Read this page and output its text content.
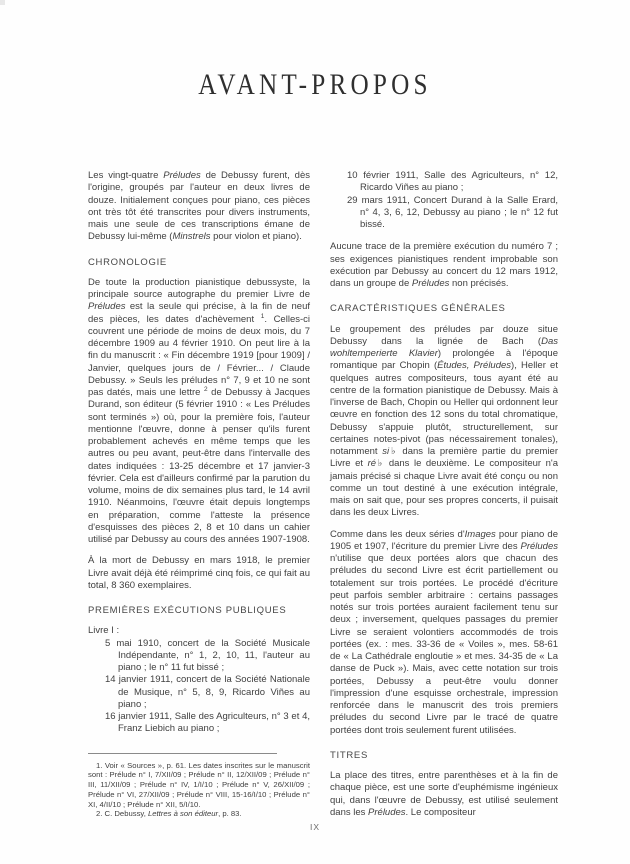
AVANT-PROPOS

Les vingt-quatre Préludes de Debussy furent, dès l'origine, groupés par l'auteur en deux livres de douze. Initialement conçues pour piano, ces pièces ont très tôt été transcrites pour divers instruments, mais une seule de ces transcriptions émane de Debussy lui-même (Minstrels pour violon et piano).

CHRONOLOGIE

De toute la production pianistique debussyste, la principale source autographe du premier Livre de Préludes est la seule qui précise, à la fin de neuf des pièces, les dates d'achèvement $^1$. Celles-ci couvrent une période de moins de deux mois, du 7 décembre 1909 au 4 février 1910. On peut lire à la fin du manuscrit : « Fin décembre 1919 [pour 1909] / Janvier, quelques jours de / Février... / Claude Debussy. » Seuls les préludes n° 7, 9 et 10 ne sont pas datés, mais une lettre $^2$ de Debussy à Jacques Durand, son éditeur (5 février 1910 : « Les Préludes sont terminés ») où, pour la première fois, l'auteur mentionne l'œuvre, donne à penser qu'ils furent probablement achevés en même temps que les autres ou peu avant, peut-être dans l'intervalle des dates indiquées : 13-25 décembre et 17 janvier-3 février. Cela est d'ailleurs confirmé par la parution du volume, moins de dix semaines plus tard, le 14 avril 1910. Néanmoins, l'œuvre était depuis longtemps en préparation, comme l'atteste la présence d'esquisses des pièces 2, 8 et 10 dans un cahier utilisé par Debussy au cours des années 1907-1908.

À la mort de Debussy en mars 1918, le premier Livre avait déjà été réimprimé cinq fois, ce qui fait au total, 8 360 exemplaires.

PREMIÈRES EXÉCUTIONS PUBLIQUES

Livre I :

5 mai 1910, concert de la Société Musicale Indépendante, n° 1, 2, 10, 11, l'auteur au piano ; le n° 11 fut bissé ;
14 janvier 1911, concert de la Société Nationale de Musique, n° 5, 8, 9, Ricardo Viñes au piano ;
16 janvier 1911, Salle des Agriculteurs, n° 3 et 4, Franz Liebich au piano ;

1. Voir « Sources », p. 61. Les dates inscrites sur le manuscrit sont : Prélude n° I, 7/XII/09 ; Prélude n° II, 12/XII/09 ; Prélude n° III, 11/XII/09 ; Prélude n° IV, 1/I/10 ; Prélude n° V, 26/XII/09 ; Prélude n° VI, 27/XII/09 ; Prélude n° VIII, 15-16/I/10 ; Prélude n° XI, 4/II/10 ; Prélude n° XII, 5/I/10.

2. C. Debussy, Lettres à son éditeur, p. 83.

10 février 1911, Salle des Agriculteurs, n° 12, Ricardo Viñes au piano ;
29 mars 1911, Concert Durand à la Salle Erard, n° 4, 3, 6, 12, Debussy au piano ; le n° 12 fut bissé.

Aucune trace de la première exécution du numéro 7 ; ses exigences pianistiques rendent improbable son exécution par Debussy au concert du 12 mars 1912, dans un groupe de Préludes non précisés.

CARACTÉRISTIQUES GÉNÉRALES

Le groupement des préludes par douze situe Debussy dans la lignée de Bach (Das wohltemperierte Klavier) prolongée à l'époque romantique par Chopin (Études, Préludes), Heller et quelques autres compositeurs, tous ayant été au centre de la formation pianistique de Debussy. Mais à l'inverse de Bach, Chopin ou Heller qui ordonnent leur œuvre en fonction des 12 sons du total chromatique, Debussy s'appuie plutôt, structurellement, sur certaines notes-pivot (pas nécessairement tonales), notamment si♭ dans la première partie du premier Livre et ré♭ dans le deuxième. Le compositeur n'a jamais précisé si chaque Livre avait été conçu ou non comme un tout destiné à une exécution intégrale, mais on sait que, pour ses propres concerts, il puisait dans les deux Livres.

Comme dans les deux séries d'Images pour piano de 1905 et 1907, l'écriture du premier Livre des Préludes n'utilise que deux portées alors que chacun des préludes du second Livre est écrit partiellement ou totalement sur trois portées. Le procédé d'écriture peut parfois sembler arbitraire : certains passages notés sur trois portées auraient facilement tenu sur deux ; inversement, quelques passages du premier Livre se seraient volontiers accommodés de trois portées (ex. : mes. 33-36 de « Voiles », mes. 58-61 de « La Cathédrale engloutie » et mes. 34-35 de « La danse de Puck »). Mais, avec cette notation sur trois portées, Debussy a peut-être voulu donner l'impression d'une esquisse orchestrale, impression renforcée dans le manuscrit des trois premiers préludes du second Livre par le tracé de quatre portées dont trois seulement furent utilisées.

TITRES

La place des titres, entre parenthèses et à la fin de chaque pièce, est une sorte d'euphémisme ingénieux qui, dans l'œuvre de Debussy, est utilisé seulement dans les Préludes. Le compositeur

IX
